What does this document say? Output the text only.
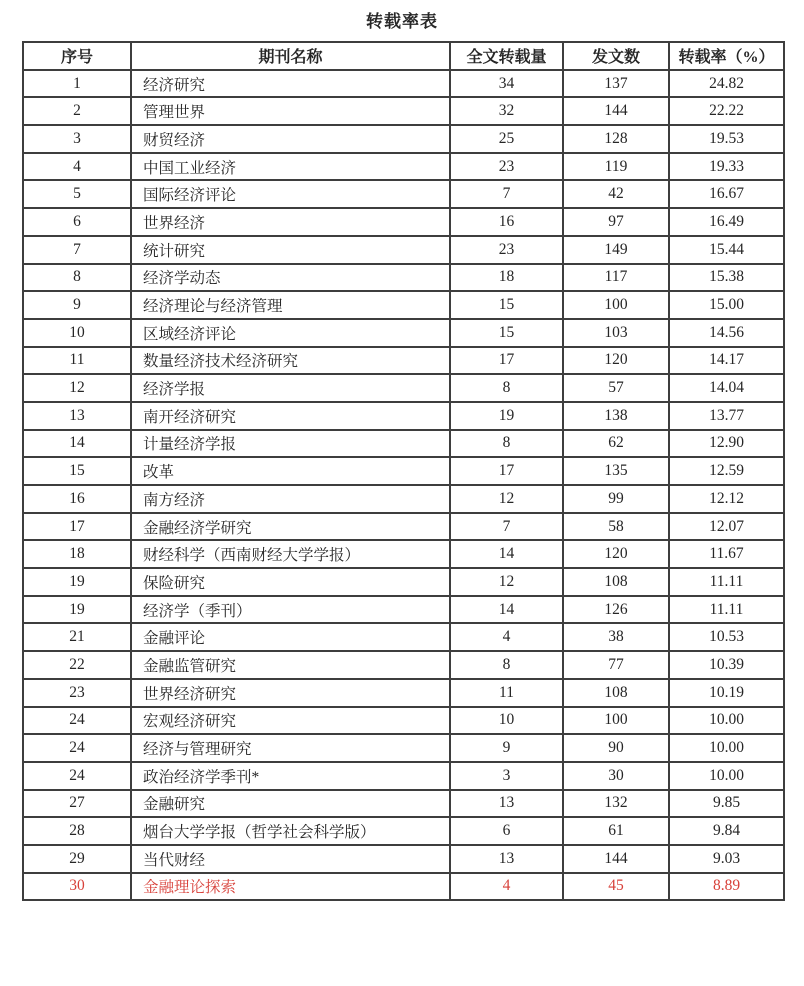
转载率表
序号	期刊名称	全文转载量	发文数	转载率（%）
1	经济研究	34	137	24.82
2	管理世界	32	144	22.22
3	财贸经济	25	128	19.53
4	中国工业经济	23	119	19.33
5	国际经济评论	7	42	16.67
6	世界经济	16	97	16.49
7	统计研究	23	149	15.44
8	经济学动态	18	117	15.38
9	经济理论与经济管理	15	100	15.00
10	区域经济评论	15	103	14.56
11	数量经济技术经济研究	17	120	14.17
12	经济学报	8	57	14.04
13	南开经济研究	19	138	13.77
14	计量经济学报	8	62	12.90
15	改革	17	135	12.59
16	南方经济	12	99	12.12
17	金融经济学研究	7	58	12.07
18	财经科学（西南财经大学学报）	14	120	11.67
19	保险研究	12	108	11.11
19	经济学（季刊）	14	126	11.11
21	金融评论	4	38	10.53
22	金融监管研究	8	77	10.39
23	世界经济研究	11	108	10.19
24	宏观经济研究	10	100	10.00
24	经济与管理研究	9	90	10.00
24	政治经济学季刊*	3	30	10.00
27	金融研究	13	132	9.85
28	烟台大学学报（哲学社会科学版）	6	61	9.84
29	当代财经	13	144	9.03
30	金融理论探索	4	45	8.89
